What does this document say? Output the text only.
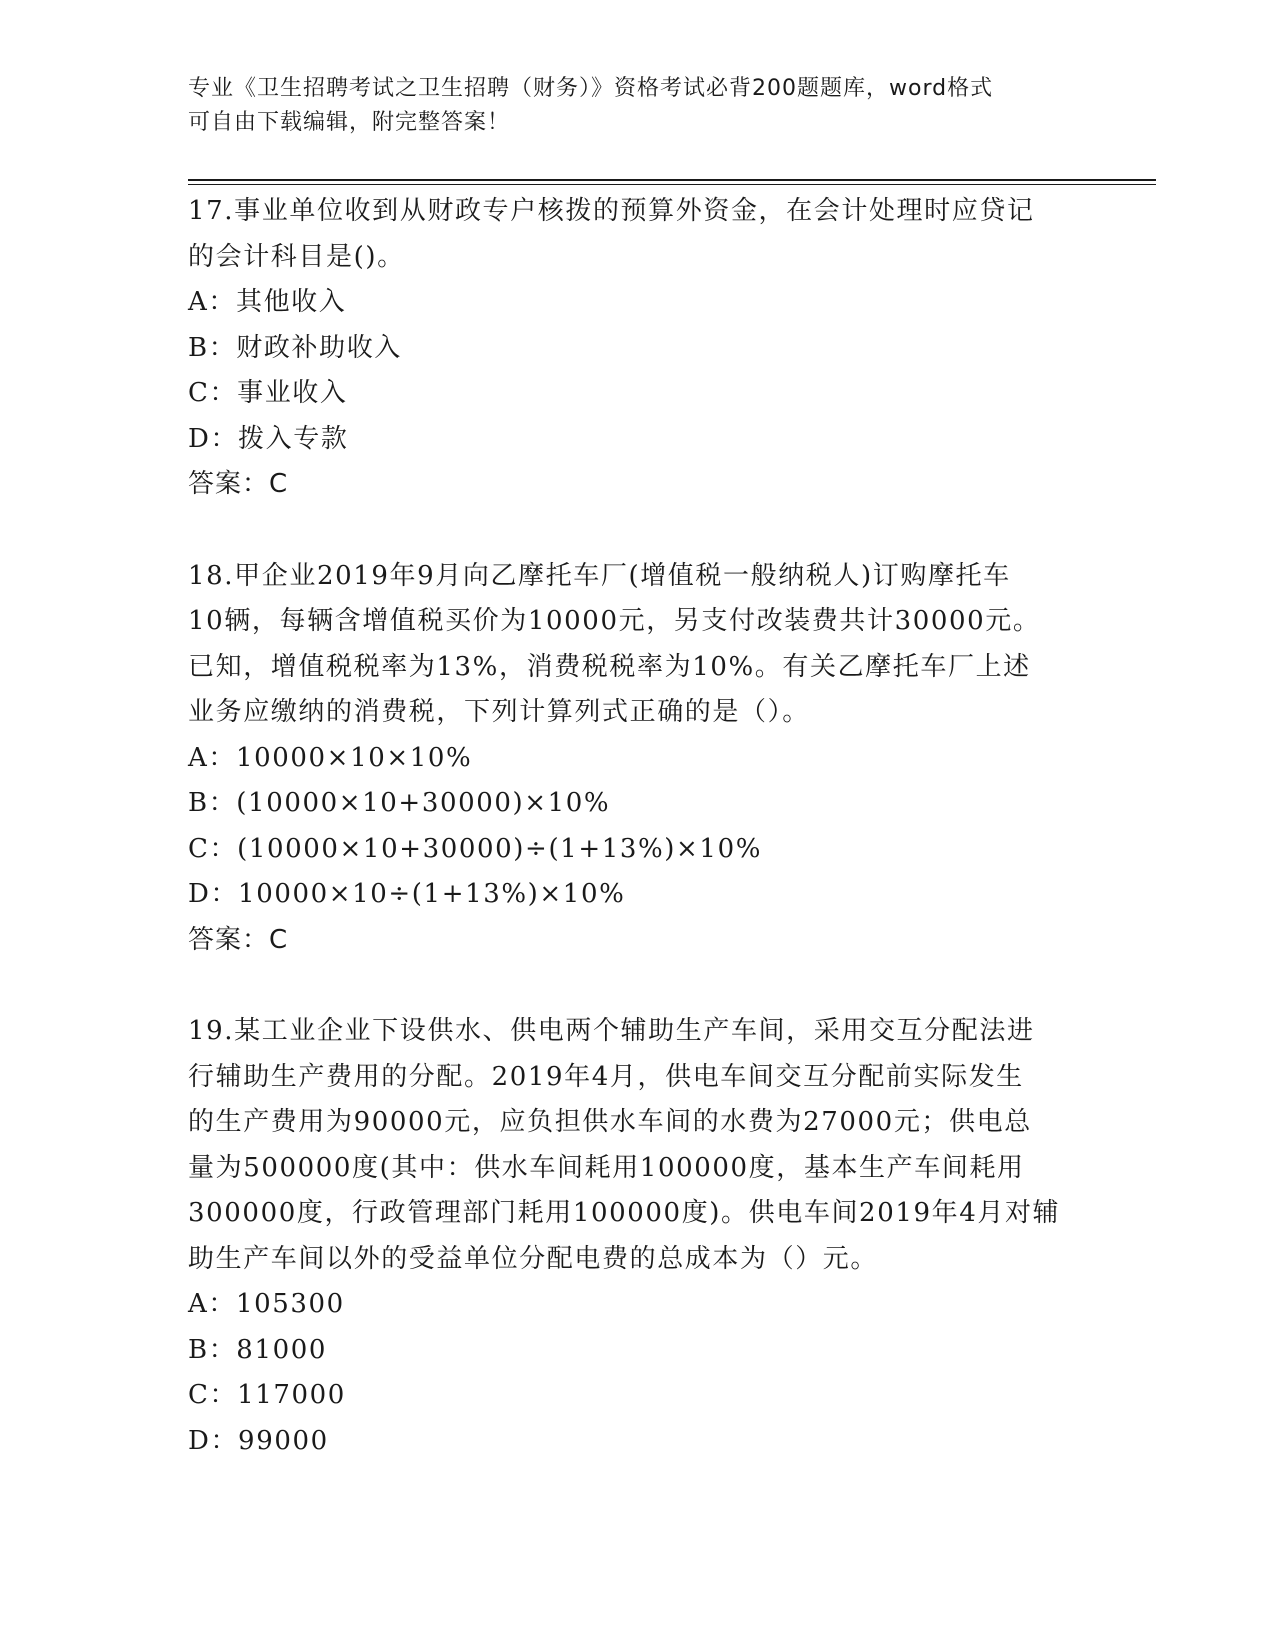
专业《卫生招聘考试之卫生招聘（财务）》资格考试必背200题题库，word格式
可自由下载编辑，附完整答案！

17.事业单位收到从财政专户核拨的预算外资金，在会计处理时应贷记

的会计科目是()。

A：其他收入

B：财政补助收入

C：事业收入

D：拨入专款

答案：C

18.甲企业2019年9月向乙摩托车厂(增值税一般纳税人)订购摩托车

10辆，每辆含增值税买价为10000元，另支付改装费共计30000元。

已知，增值税税率为13%，消费税税率为10%。有关乙摩托车厂上述

业务应缴纳的消费税，下列计算列式正确的是（）。

A：10000×10×10%

B：(10000×10+30000)×10%

C：(10000×10+30000)÷(1+13%)×10%

D：10000×10÷(1+13%)×10%

答案：C

19.某工业企业下设供水、供电两个辅助生产车间，采用交互分配法进

行辅助生产费用的分配。2019年4月，供电车间交互分配前实际发生

的生产费用为90000元，应负担供水车间的水费为27000元；供电总

量为500000度(其中：供水车间耗用100000度，基本生产车间耗用

300000度，行政管理部门耗用100000度)。供电车间2019年4月对辅

助生产车间以外的受益单位分配电费的总成本为（）元。

A：105300

B：81000

C：117000

D：99000
